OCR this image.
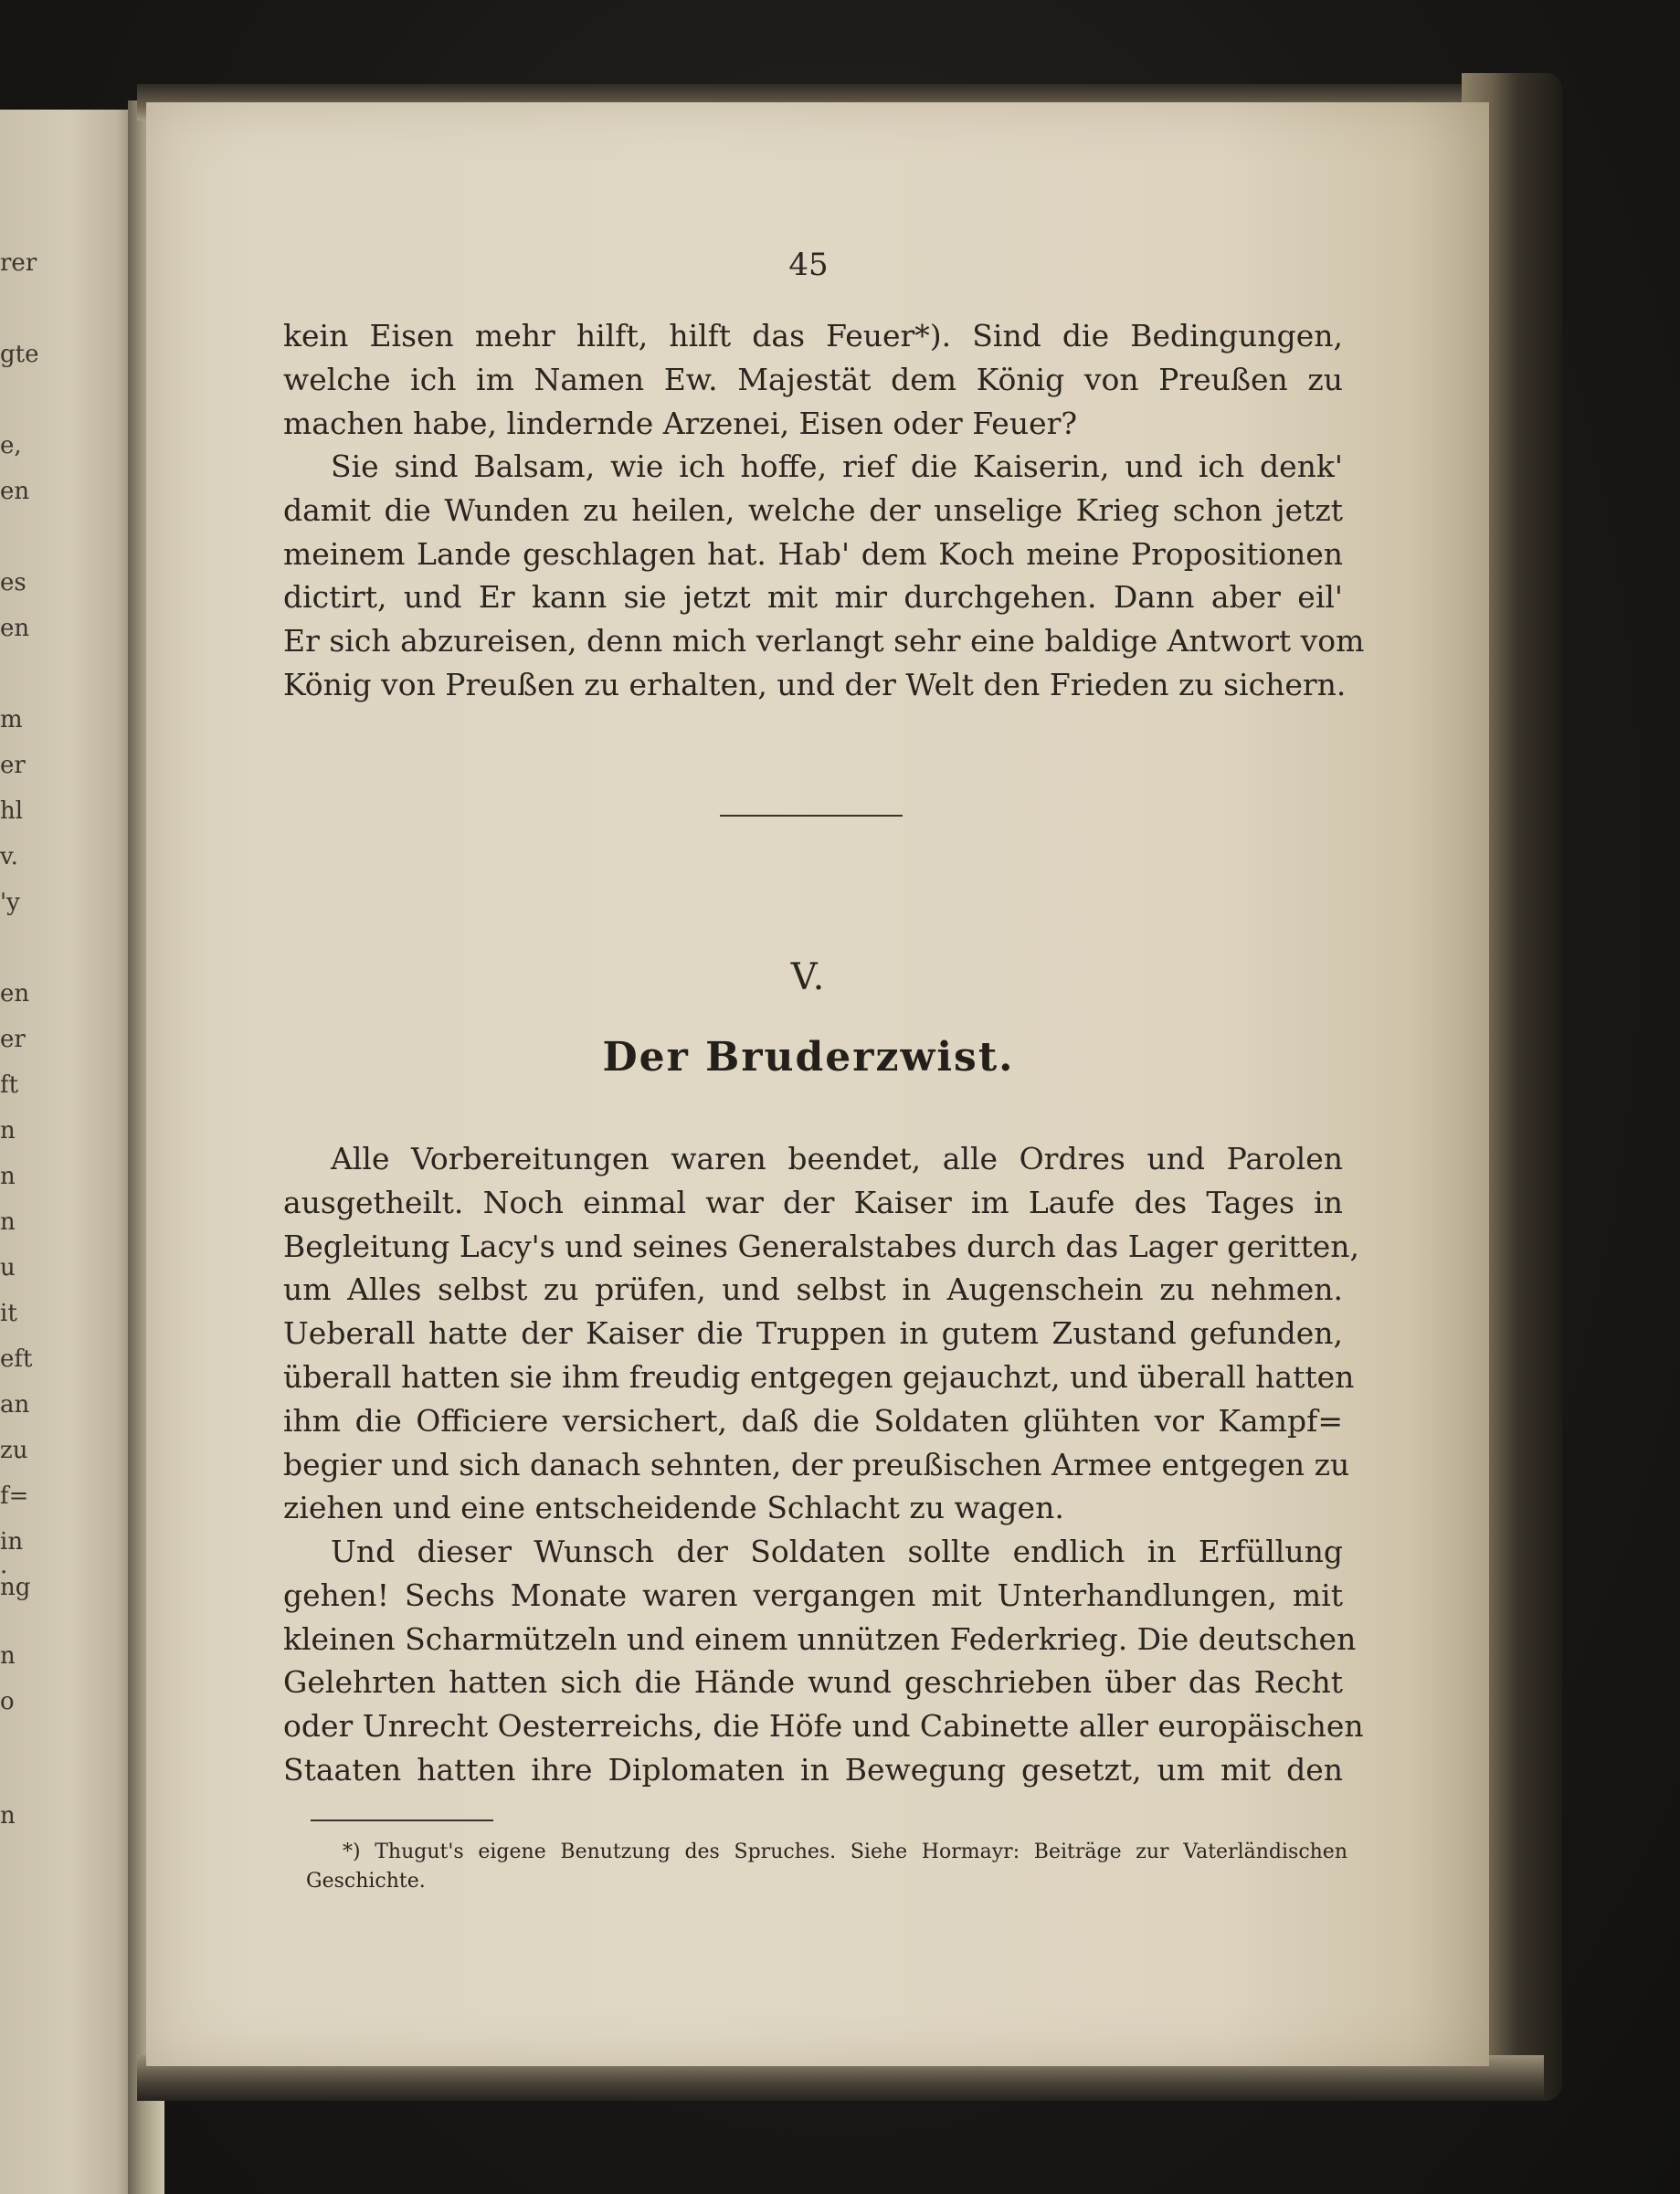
rer
gte
e,
en
es
en
m
er
hl
v.
'y
en
er
ft
n
n
n
u
it
eft
an
zu
f=
in .
ng
n
o
n
45
kein Eisen mehr hilft, hilft das Feuer*). Sind die Bedingungen,
welche ich im Namen Ew. Majestät dem König von Preußen zu
machen habe, lindernde Arzenei, Eisen oder Feuer?
Sie sind Balsam, wie ich hoffe, rief die Kaiserin, und ich denk'
damit die Wunden zu heilen, welche der unselige Krieg schon jetzt
meinem Lande geschlagen hat. Hab' dem Koch meine Propositionen
dictirt, und Er kann sie jetzt mit mir durchgehen. Dann aber eil'
Er sich abzureisen, denn mich verlangt sehr eine baldige Antwort vom
König von Preußen zu erhalten, und der Welt den Frieden zu sichern.
V.
Der Bruderzwist.
Alle Vorbereitungen waren beendet, alle Ordres und Parolen
ausgetheilt. Noch einmal war der Kaiser im Laufe des Tages in
Begleitung Lacy's und seines Generalstabes durch das Lager geritten,
um Alles selbst zu prüfen, und selbst in Augenschein zu nehmen.
Ueberall hatte der Kaiser die Truppen in gutem Zustand gefunden,
überall hatten sie ihm freudig entgegen gejauchzt, und überall hatten
ihm die Officiere versichert, daß die Soldaten glühten vor Kampf=
begier und sich danach sehnten, der preußischen Armee entgegen zu
ziehen und eine entscheidende Schlacht zu wagen.
Und dieser Wunsch der Soldaten sollte endlich in Erfüllung
gehen! Sechs Monate waren vergangen mit Unterhandlungen, mit
kleinen Scharmützeln und einem unnützen Federkrieg. Die deutschen
Gelehrten hatten sich die Hände wund geschrieben über das Recht
oder Unrecht Oesterreichs, die Höfe und Cabinette aller europäischen
Staaten hatten ihre Diplomaten in Bewegung gesetzt, um mit den
*) Thugut's eigene Benutzung des Spruches. Siehe Hormayr: Beiträge zur Vaterländischen
Geschichte.
